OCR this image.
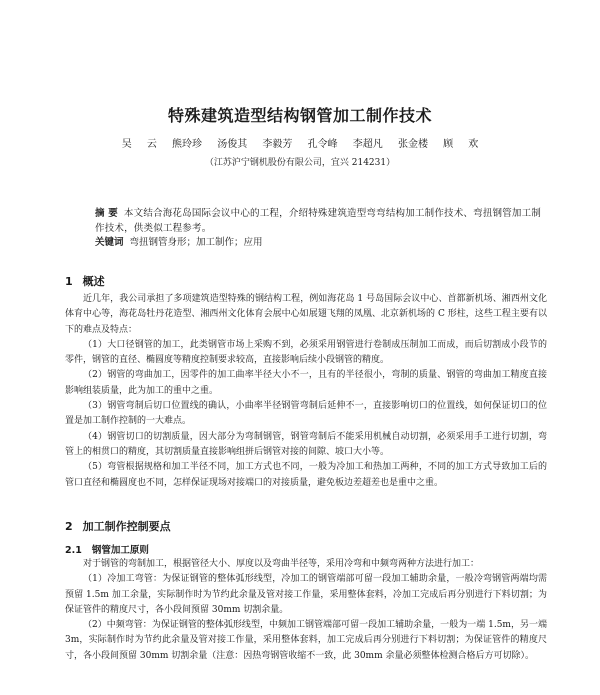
特殊建筑造型结构钢管加工制作技术
吴 云 熊玲珍 汤俊其 李毅芳 孔令峰 李超凡 张金楼 顾 欢
（江苏沪宁钢机股份有限公司，宜兴 214231）

摘 要 本文结合海花岛国际会议中心的工程，介绍特殊建筑造型弯弯结构加工制作技术、弯扭钢管加工制作技术，供类似工程参考。

关键词 弯扭钢管身形；加工制作；应用
1 概述

近几年，我公司承担了多项建筑造型特殊的钢结构工程，例如海花岛 1 号岛国际会议中心、首都新机场、湘西州文化体育中心等，海花岛牡丹花造型、湘西州文化体育会展中心如展翅飞翔的凤凰、北京新机场的 C 形柱，这些工程主要有以下的难点及特点：

（1）大口径钢管的加工，此类钢管市场上采购不到，必须采用钢管进行卷制成压制加工而成，而后切割成小段节的零件，钢管的直径、椭圆度等精度控制要求较高，直接影响后续小段钢管的精度。

（2）钢管的弯曲加工，因零件的加工曲率半径大小不一，且有的半径很小，弯制的质量、钢管的弯曲加工精度直接影响组装质量，此为加工的重中之重。

（3）钢管弯制后切口位置线的确认，小曲率半径钢管弯制后延伸不一，直接影响切口的位置线，如何保证切口的位置是加工制作控制的一大难点。

（4）钢管切口的切割质量，因大部分为弯制钢管，钢管弯制后不能采用机械自动切割，必须采用手工进行切割，弯管上的相贯口的精度，其切割质量直接影响组拼后钢管对接的间隙、坡口大小等。

（5）弯管根据规格和加工半径不同，加工方式也不同，一般为冷加工和热加工两种，不同的加工方式导致加工后的管口直径和椭圆度也不同，怎样保证现场对接端口的对接质量，避免板边差超差也是重中之重。

2 加工制作控制要点
2.1 钢管加工原则

对于钢管的弯制加工，根据管径大小、厚度以及弯曲半径等，采用冷弯和中频弯两种方法进行加工：

（1）冷加工弯管：为保证钢管的整体弧形线型，冷加工的钢管端部可留一段加工辅助余量，一般冷弯钢管两端均需预留 1.5m 加工余量，实际制作时为节约此余量及管对接工作量，采用整体套料，冷加工完成后再分别进行下料切割；为保证管件的精度尺寸，各小段间预留 30mm 切割余量。

（2）中频弯管：为保证钢管的整体弧形线型，中频加工钢管端部可留一段加工辅助余量，一般为一端 1.5m，另一端 3m，实际制作时为节约此余量及管对接工作量，采用整体套料，加工完成后再分别进行下料切割；为保证管件的精度尺寸，各小段间预留 30mm 切割余量（注意：因热弯钢管收缩不一致，此 30mm 余量必须整体检测合格后方可切除）。
